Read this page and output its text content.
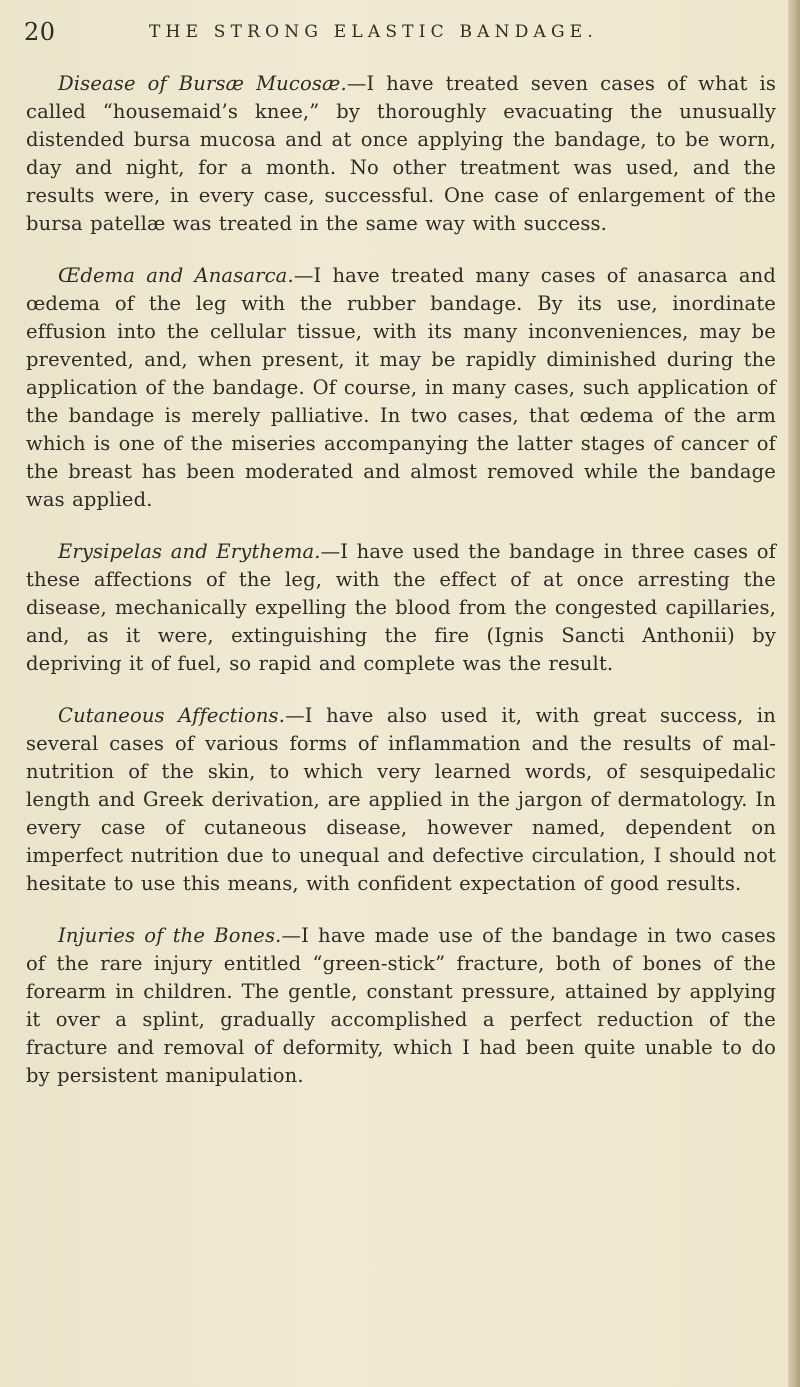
20	THE STRONG ELASTIC BANDAGE.

Disease of Bursæ Mucosæ.—I have treated seven cases of what is called “housemaid’s knee,” by thoroughly evacuating the unusually distended bursa mucosa and at once applying the bandage, to be worn, day and night, for a month. No other treatment was used, and the results were, in every case, successful. One case of enlargement of the bursa patellæ was treated in the same way with success.

Œdema and Anasarca.—I have treated many cases of anasarca and œdema of the leg with the rubber bandage. By its use, inordinate effusion into the cellular tissue, with its many inconveniences, may be prevented, and, when present, it may be rapidly diminished during the application of the bandage. Of course, in many cases, such application of the bandage is merely palliative. In two cases, that œdema of the arm which is one of the miseries accompanying the latter stages of cancer of the breast has been moderated and almost removed while the bandage was applied.

Erysipelas and Erythema.—I have used the bandage in three cases of these affections of the leg, with the effect of at once arresting the disease, mechanically expelling the blood from the congested capillaries, and, as it were, extinguishing the fire (Ignis Sancti Anthonii) by depriving it of fuel, so rapid and complete was the result.

Cutaneous Affections.—I have also used it, with great success, in several cases of various forms of inflammation and the results of mal-nutrition of the skin, to which very learned words, of sesquipedalic length and Greek derivation, are applied in the jargon of dermatology. In every case of cutaneous disease, however named, dependent on imperfect nutrition due to unequal and defective circulation, I should not hesitate to use this means, with confident expectation of good results.

Injuries of the Bones.—I have made use of the bandage in two cases of the rare injury entitled “green-stick” fracture, both of bones of the forearm in children. The gentle, constant pressure, attained by applying it over a splint, gradually accomplished a perfect reduction of the fracture and removal of deformity, which I had been quite unable to do by persistent manipulation.
